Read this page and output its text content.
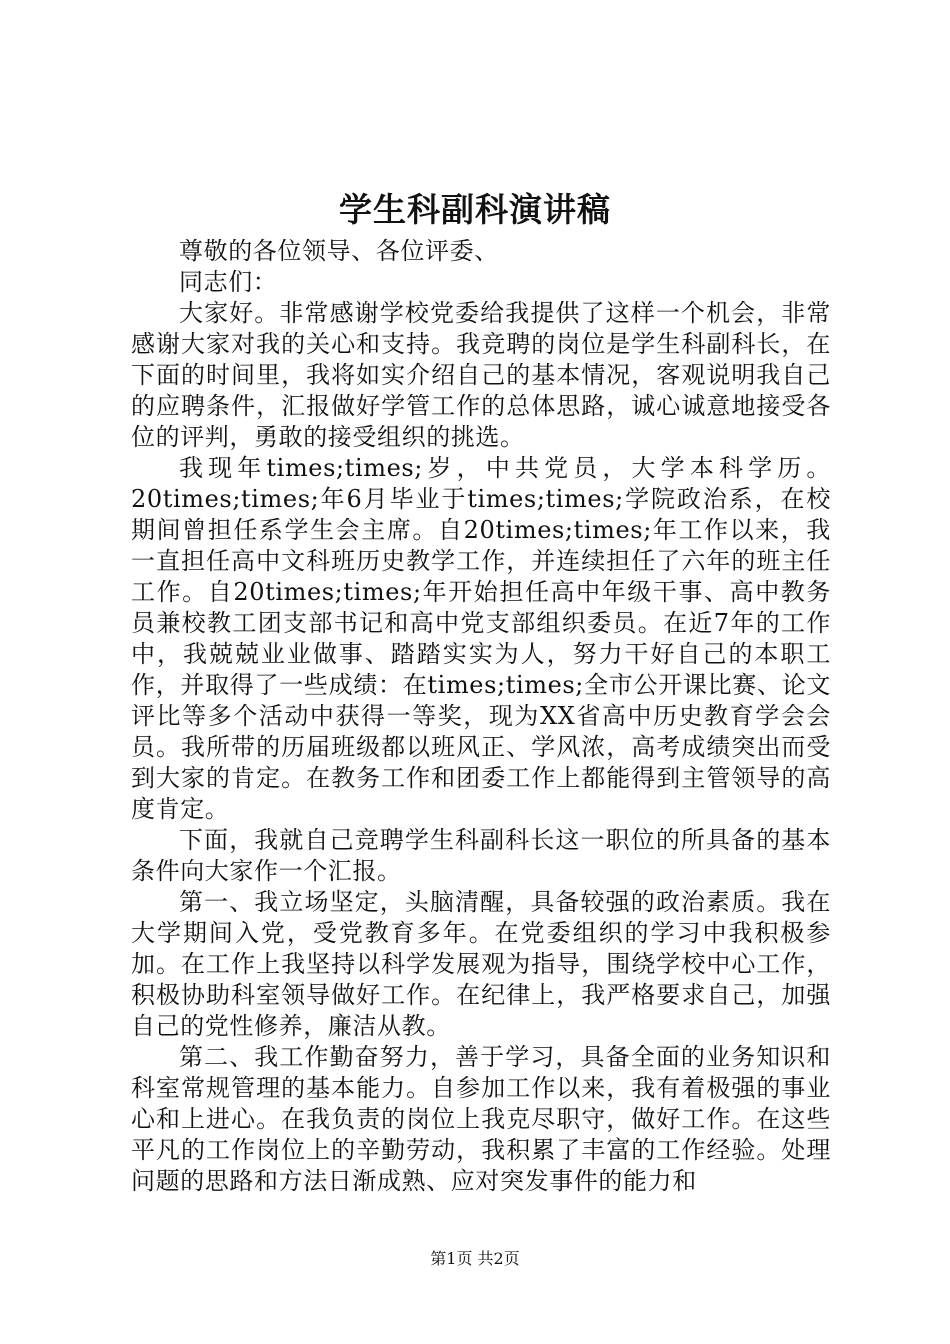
学生科副科演讲稿

尊敬的各位领导、各位评委、

同志们：

大家好。非常感谢学校党委给我提供了这样一个机会，非常感谢大家对我的关心和支持。我竞聘的岗位是学生科副科长，在下面的时间里，我将如实介绍自己的基本情况，客观说明我自己的应聘条件，汇报做好学管工作的总体思路，诚心诚意地接受各位的评判，勇敢的接受组织的挑选。

我现年times;times;岁，中共党员，大学本科学历。20times;times;年6月毕业于times;times;学院政治系，在校期间曾担任系学生会主席。自20times;times;年工作以来，我一直担任高中文科班历史教学工作，并连续担任了六年的班主任工作。自20times;times;年开始担任高中年级干事、高中教务员兼校教工团支部书记和高中党支部组织委员。在近7年的工作中，我兢兢业业做事、踏踏实实为人，努力干好自己的本职工作，并取得了一些成绩：在times;times;全市公开课比赛、论文评比等多个活动中获得一等奖，现为XX省高中历史教育学会会员。我所带的历届班级都以班风正、学风浓，高考成绩突出而受到大家的肯定。在教务工作和团委工作上都能得到主管领导的高度肯定。

下面，我就自己竞聘学生科副科长这一职位的所具备的基本条件向大家作一个汇报。

第一、我立场坚定，头脑清醒，具备较强的政治素质。我在大学期间入党，受党教育多年。在党委组织的学习中我积极参加。在工作上我坚持以科学发展观为指导，围绕学校中心工作，积极协助科室领导做好工作。在纪律上，我严格要求自己，加强自己的党性修养，廉洁从教。

第二、我工作勤奋努力，善于学习，具备全面的业务知识和科室常规管理的基本能力。自参加工作以来，我有着极强的事业心和上进心。在我负责的岗位上我克尽职守，做好工作。在这些平凡的工作岗位上的辛勤劳动，我积累了丰富的工作经验。处理问题的思路和方法日渐成熟、应对突发事件的能力和

第1页 共2页
